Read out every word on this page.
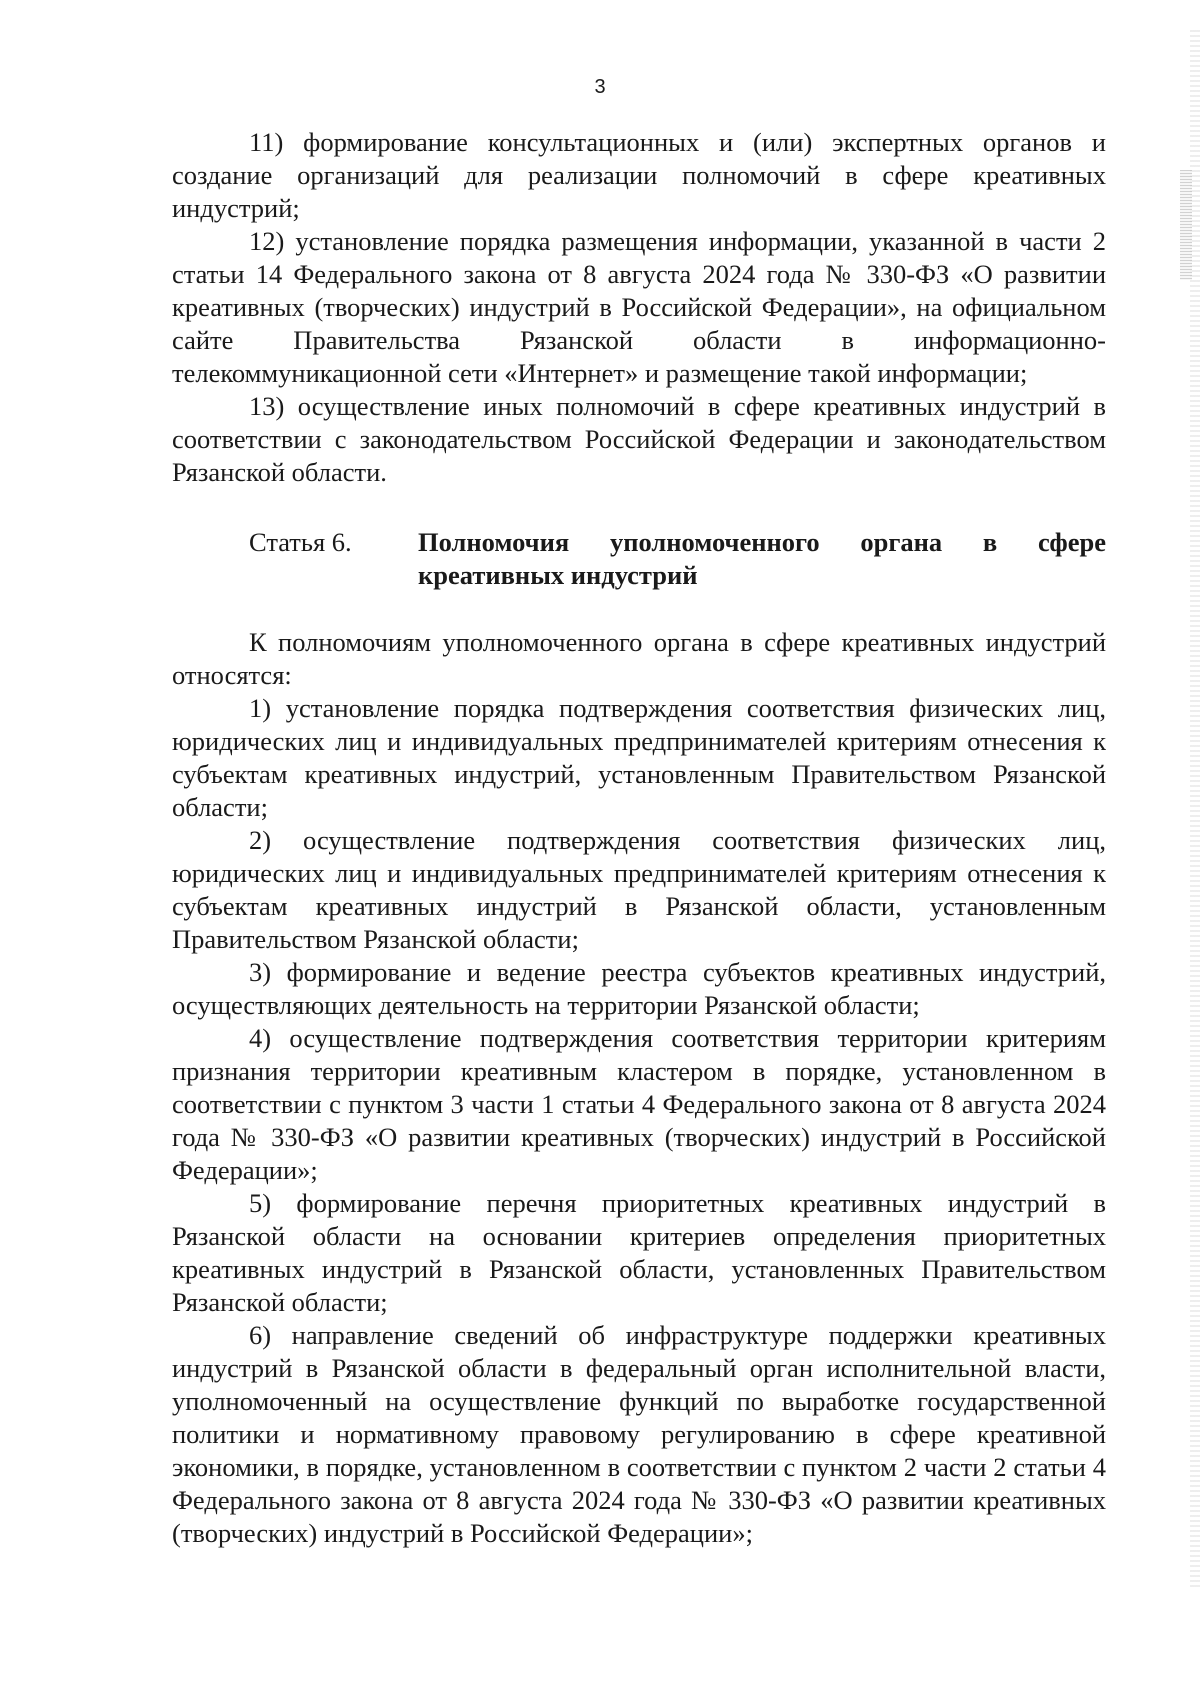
3

11) формирование консультационных и (или) экспертных органов и создание организаций для реализации полномочий в сфере креативных индустрий;

12) установление порядка размещения информации, указанной в части 2 статьи 14 Федерального закона от 8 августа 2024 года № 330-ФЗ «О развитии креативных (творческих) индустрий в Российской Федерации», на официальном сайте Правительства Рязанской области в информационно-телекоммуникационной сети «Интернет» и размещение такой информации;

13) осуществление иных полномочий в сфере креативных индустрий в соответствии с законодательством Российской Федерации и законодательством Рязанской области.

Статья 6.	Полномочия уполномоченного органа в сфере креативных индустрий

К полномочиям уполномоченного органа в сфере креативных индустрий относятся:

1) установление порядка подтверждения соответствия физических лиц, юридических лиц и индивидуальных предпринимателей критериям отнесения к субъектам креативных индустрий, установленным Правительством Рязанской области;

2) осуществление подтверждения соответствия физических лиц, юридических лиц и индивидуальных предпринимателей критериям отнесения к субъектам креативных индустрий в Рязанской области, установленным Правительством Рязанской области;

3) формирование и ведение реестра субъектов креативных индустрий, осуществляющих деятельность на территории Рязанской области;

4) осуществление подтверждения соответствия территории критериям признания территории креативным кластером в порядке, установленном в соответствии с пунктом 3 части 1 статьи 4 Федерального закона от 8 августа 2024 года № 330-ФЗ «О развитии креативных (творческих) индустрий в Российской Федерации»;

5) формирование перечня приоритетных креативных индустрий в Рязанской области на основании критериев определения приоритетных креативных индустрий в Рязанской области, установленных Правительством Рязанской области;

6) направление сведений об инфраструктуре поддержки креативных индустрий в Рязанской области в федеральный орган исполнительной власти, уполномоченный на осуществление функций по выработке государственной политики и нормативному правовому регулированию в сфере креативной экономики, в порядке, установленном в соответствии с пунктом 2 части 2 статьи 4 Федерального закона от 8 августа 2024 года № 330-ФЗ «О развитии креативных (творческих) индустрий в Российской Федерации»;
